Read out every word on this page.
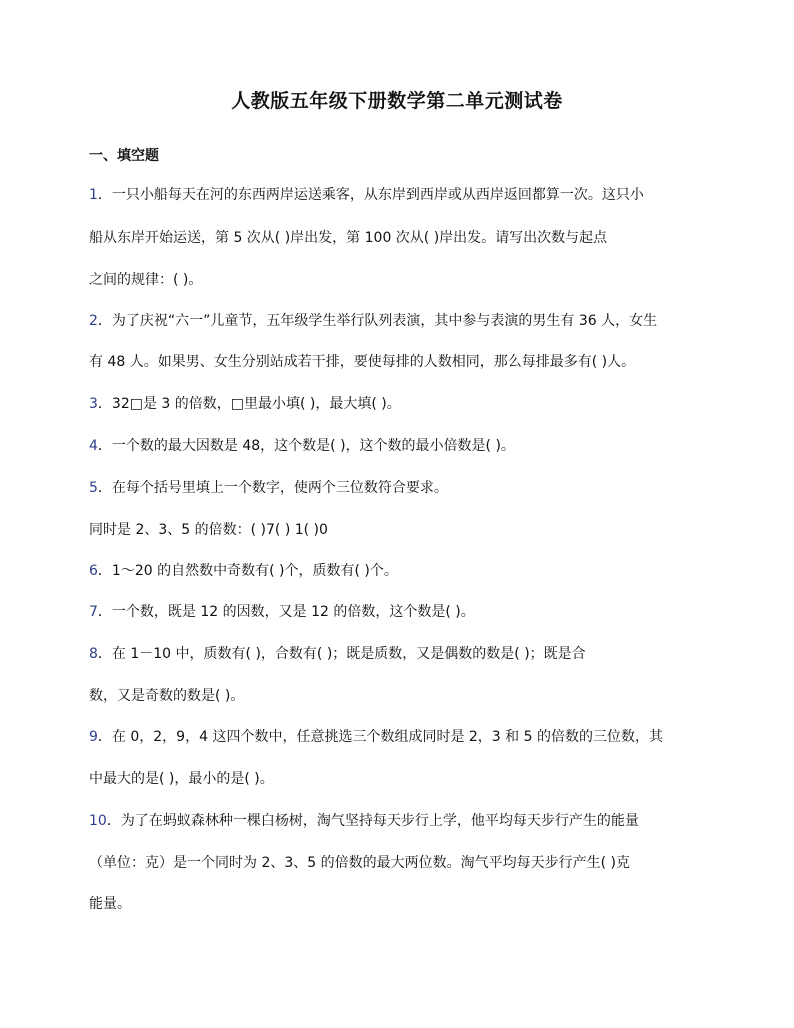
人教版五年级下册数学第二单元测试卷
一、填空题
1．一只小船每天在河的东西两岸运送乘客，从东岸到西岸或从西岸返回都算一次。这只小
船从东岸开始运送，第 5 次从( )岸出发，第 100 次从( )岸出发。请写出次数与起点
之间的规律：( )。
2．为了庆祝“六一”儿童节，五年级学生举行队列表演，其中参与表演的男生有 36 人，女生
有 48 人。如果男、女生分别站成若干排，要使每排的人数相同，那么每排最多有( )人。
3．32□是 3 的倍数，□里最小填( )，最大填( )。
4．一个数的最大因数是 48，这个数是( )，这个数的最小倍数是( )。
5．在每个括号里填上一个数字，使两个三位数符合要求。
同时是 2、3、5 的倍数：( )7( ) 1( )0
6．1～20 的自然数中奇数有( )个，质数有( )个。
7．一个数，既是 12 的因数，又是 12 的倍数，这个数是( )。
8．在 1－10 中，质数有( )，合数有( )；既是质数，又是偶数的数是( )；既是合
数，又是奇数的数是( )。
9．在 0，2，9，4 这四个数中，任意挑选三个数组成同时是 2，3 和 5 的倍数的三位数，其
中最大的是( )，最小的是( )。
10．为了在蚂蚁森林种一棵白杨树，淘气坚持每天步行上学，他平均每天步行产生的能量
（单位：克）是一个同时为 2、3、5 的倍数的最大两位数。淘气平均每天步行产生( )克
能量。
